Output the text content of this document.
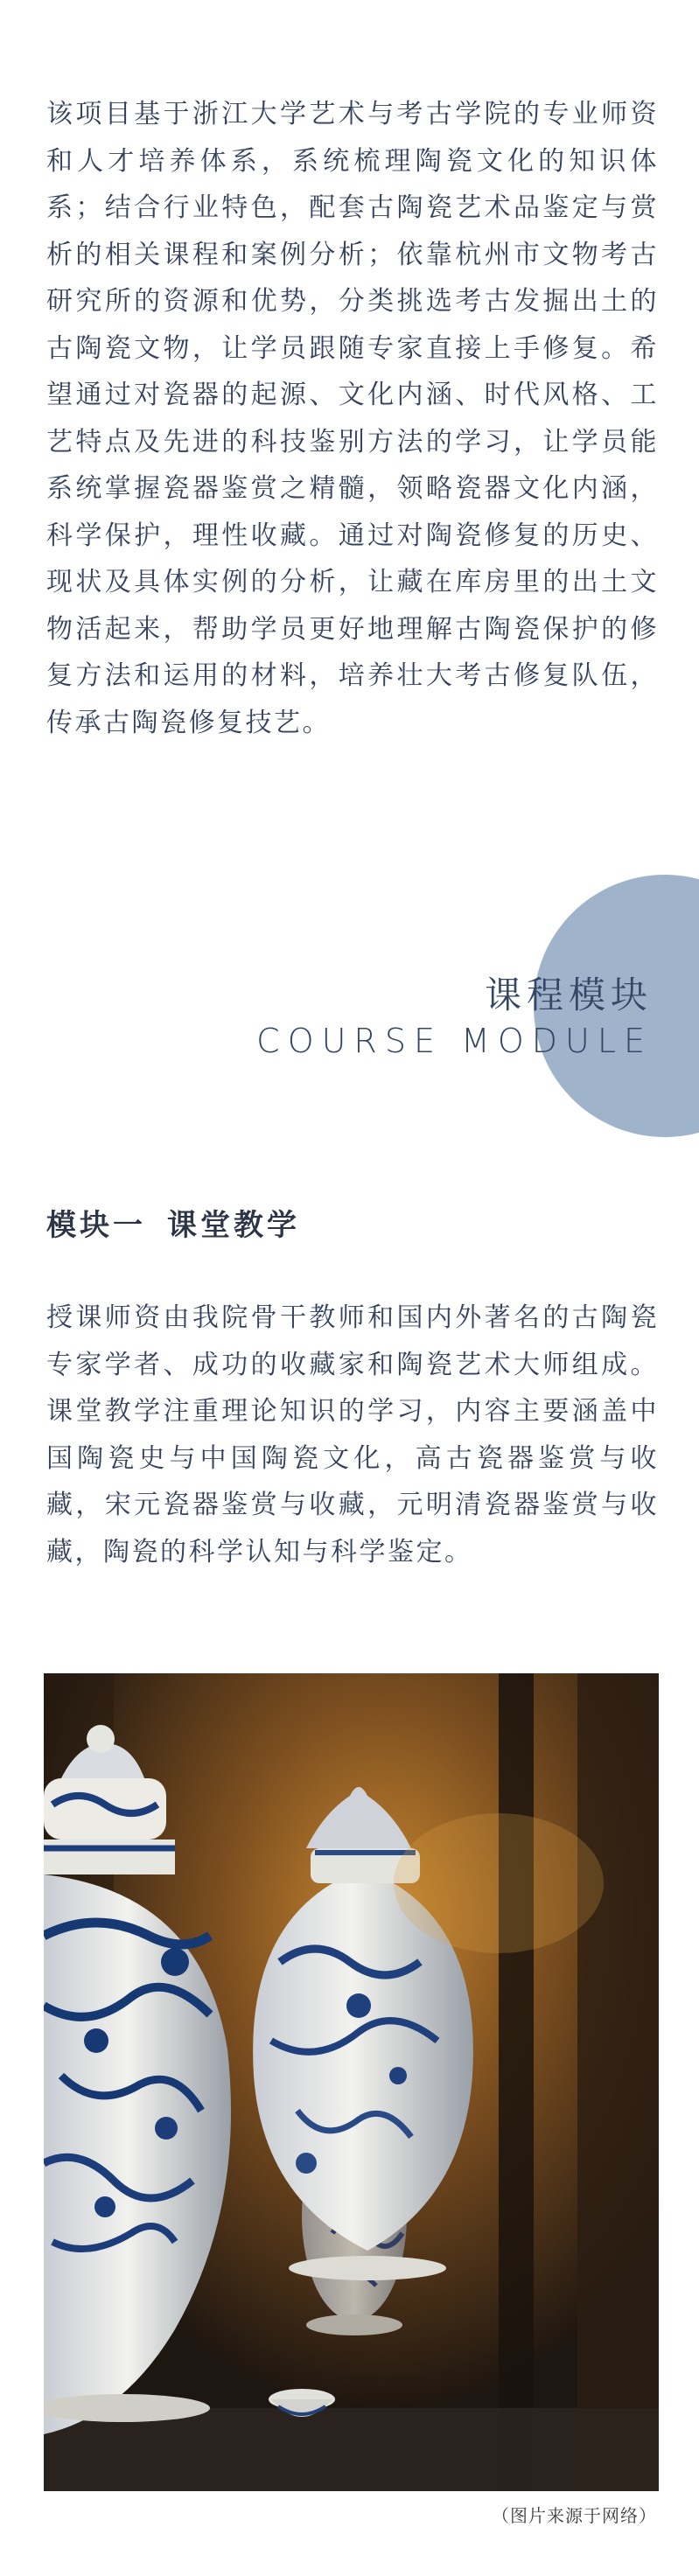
该项目基于浙江大学艺术与考古学院的专业师资和人才培养体系，系统梳理陶瓷文化的知识体系；结合行业特色，配套古陶瓷艺术品鉴定与赏析的相关课程和案例分析；依靠杭州市文物考古研究所的资源和优势，分类挑选考古发掘出土的古陶瓷文物，让学员跟随专家直接上手修复。希望通过对瓷器的起源、文化内涵、时代风格、工艺特点及先进的科技鉴别方法的学习，让学员能系统掌握瓷器鉴赏之精髓，领略瓷器文化内涵，科学保护，理性收藏。通过对陶瓷修复的历史、现状及具体实例的分析，让藏在库房里的出土文物活起来，帮助学员更好地理解古陶瓷保护的修复方法和运用的材料，培养壮大考古修复队伍，传承古陶瓷修复技艺。

课程模块
COURSE MODULE
模块一 课堂教学

授课师资由我院骨干教师和国内外著名的古陶瓷专家学者、成功的收藏家和陶瓷艺术大师组成。课堂教学注重理论知识的学习，内容主要涵盖中国陶瓷史与中国陶瓷文化，高古瓷器鉴赏与收藏，宋元瓷器鉴赏与收藏，元明清瓷器鉴赏与收藏，陶瓷的科学认知与科学鉴定。

（图片来源于网络）
